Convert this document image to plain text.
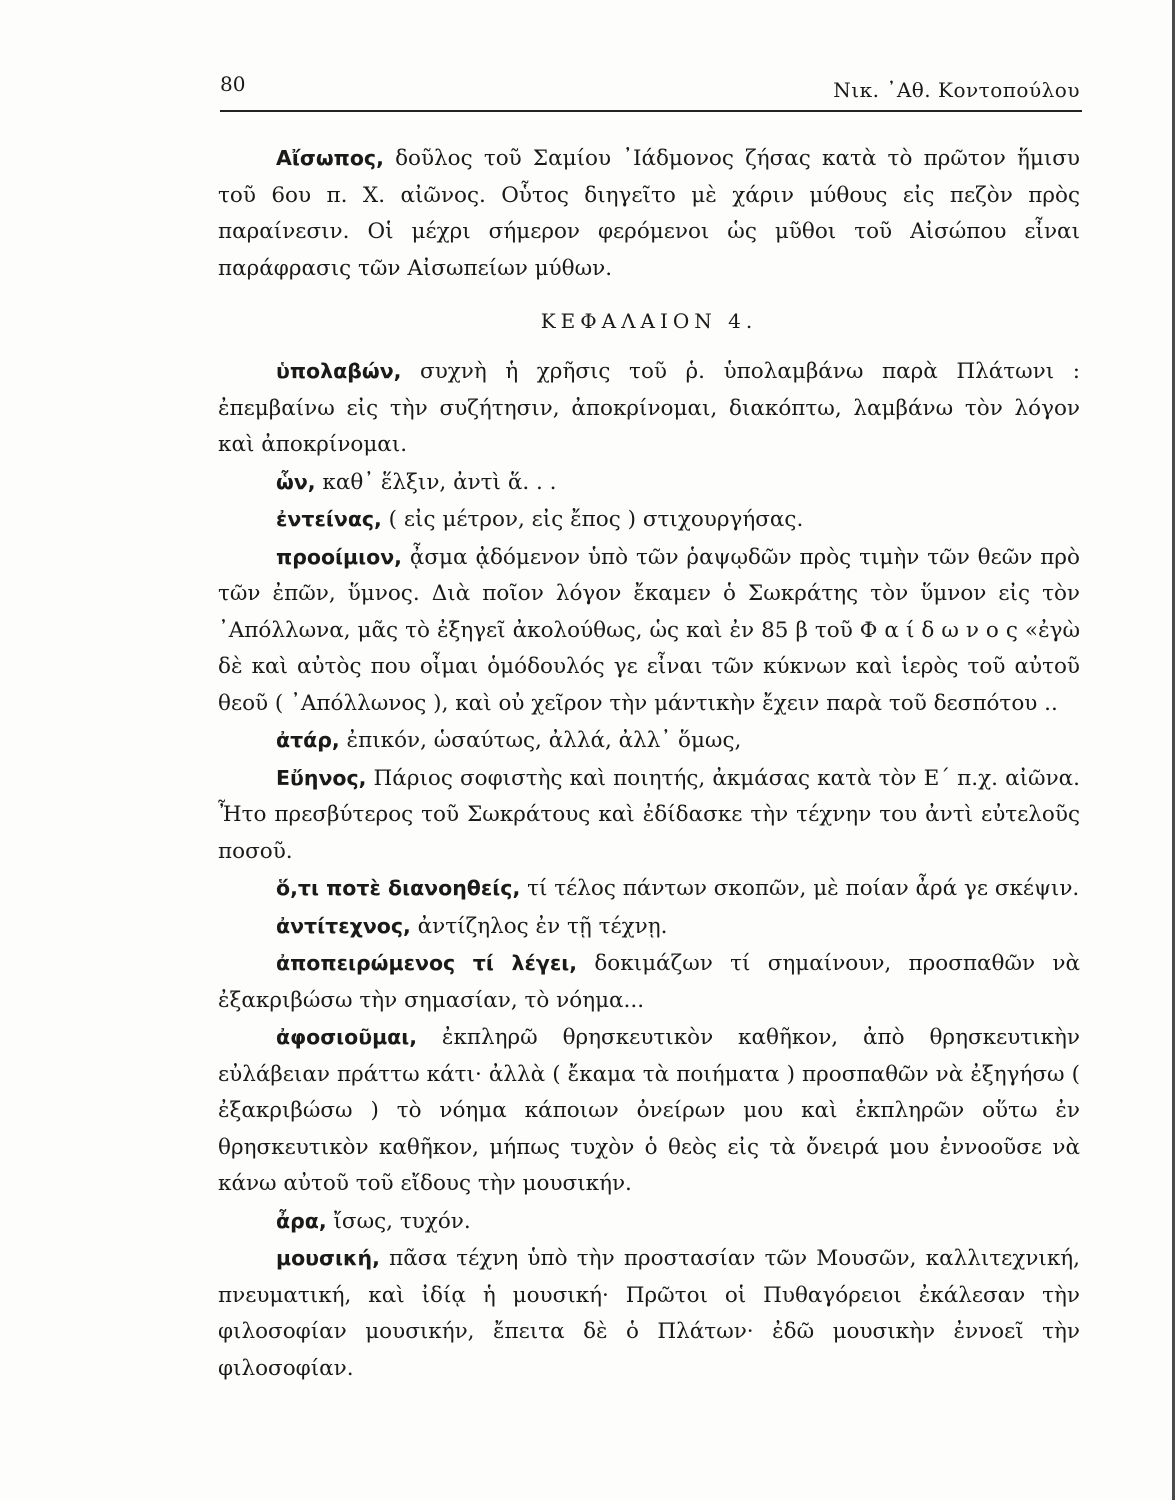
80	Νικ. ᾿Αθ. Κοντοπούλου

Αἴσωπος, δοῦλος τοῦ Σαμίου ᾿Ιάδμονος ζήσας κατὰ τὸ πρῶτον ἥμισυ τοῦ 6ου π. Χ. αἰῶνος. Οὗτος διηγεῖτο μὲ χάριν μύθους εἰς πεζὸν πρὸς παραίνεσιν. Οἱ μέχρι σήμερον φερόμενοι ὡς μῦθοι τοῦ Αἰσώπου εἶναι παράφρασις τῶν Αἰσωπείων μύθων.

ΚΕΦΑΛΑΙΟΝ 4.

ὑπολαβών, συχνὴ ἡ χρῆσις τοῦ ῥ. ὑπολαμβάνω παρὰ Πλάτωνι : ἐπεμβαίνω εἰς τὴν συζήτησιν, ἀποκρίνομαι, διακόπτω, λαμβάνω τὸν λόγον καὶ ἀποκρίνομαι.

ὧν, καθ᾿ ἕλξιν, ἀντὶ ἅ. . .

ἐντείνας, ( εἰς μέτρον, εἰς ἔπος ) στιχουργήσας.

προοίμιον, ᾆσμα ᾀδόμενον ὑπὸ τῶν ῥαψῳδῶν πρὸς τιμὴν τῶν θεῶν πρὸ τῶν ἐπῶν, ὕμνος. Διὰ ποῖον λόγον ἔκαμεν ὁ Σωκράτης τὸν ὕμνον εἰς τὸν ᾿Απόλλωνα, μᾶς τὸ ἐξηγεῖ ἀκολούθως, ὡς καὶ ἐν 85 β τοῦ Φ α ί δ ω ν ο ς «ἐγὼ δὲ καὶ αὐτὸς που οἶμαι ὁμόδουλός γε εἶναι τῶν κύκνων καὶ ἱερὸς τοῦ αὐτοῦ θεοῦ ( ᾿Απόλλωνος ), καὶ οὐ χεῖρον τὴν μάντικὴν ἔχειν παρὰ τοῦ δεσπότου ..

ἀτάρ, ἐπικόν, ὡσαύτως, ἀλλά, ἀλλ᾿ ὅμως,

Εὔηνος, Πάριος σοφιστὴς καὶ ποιητής, ἀκμάσας κατὰ τὸν Ε΄ π.χ. αἰῶνα. Ἦτο πρεσβύτερος τοῦ Σωκράτους καὶ ἐδίδασκε τὴν τέχνην του ἀντὶ εὐτελοῦς ποσοῦ.

ὅ,τι ποτὲ διανοηθείς, τί τέλος πάντων σκοπῶν, μὲ ποίαν ἆρά γε σκέψιν.

ἀντίτεχνος, ἀντίζηλος ἐν τῇ τέχνῃ.

ἀποπειρώμενος τί λέγει, δοκιμάζων τί σημαίνουν, προσπαθῶν νὰ ἐξακριβώσω τὴν σημασίαν, τὸ νόημα...

ἀφοσιοῦμαι, ἐκπληρῶ θρησκευτικὸν καθῆκον, ἀπὸ θρησκευτικὴν εὐλάβειαν πράττω κάτι· ἀλλὰ ( ἔκαμα τὰ ποιήματα ) προσπαθῶν νὰ ἐξηγήσω ( ἐξακριβώσω ) τὸ νόημα κάποιων ὀνείρων μου καὶ ἐκπληρῶν οὕτω ἐν θρησκευτικὸν καθῆκον, μήπως τυχὸν ὁ θεὸς εἰς τὰ ὄνειρά μου ἐννοοῦσε νὰ κάνω αὐτοῦ τοῦ εἴδους τὴν μουσικήν.

ἆρα, ἴσως, τυχόν.

μουσική, πᾶσα τέχνη ὑπὸ τὴν προστασίαν τῶν Μουσῶν, καλλιτεχνική, πνευματική, καὶ ἰδίᾳ ἡ μουσική· Πρῶτοι οἱ Πυθαγόρειοι ἐκάλεσαν τὴν φιλοσοφίαν μουσικήν, ἔπειτα δὲ ὁ Πλάτων· ἐδῶ μουσικὴν ἐννοεῖ τὴν φιλοσοφίαν.
